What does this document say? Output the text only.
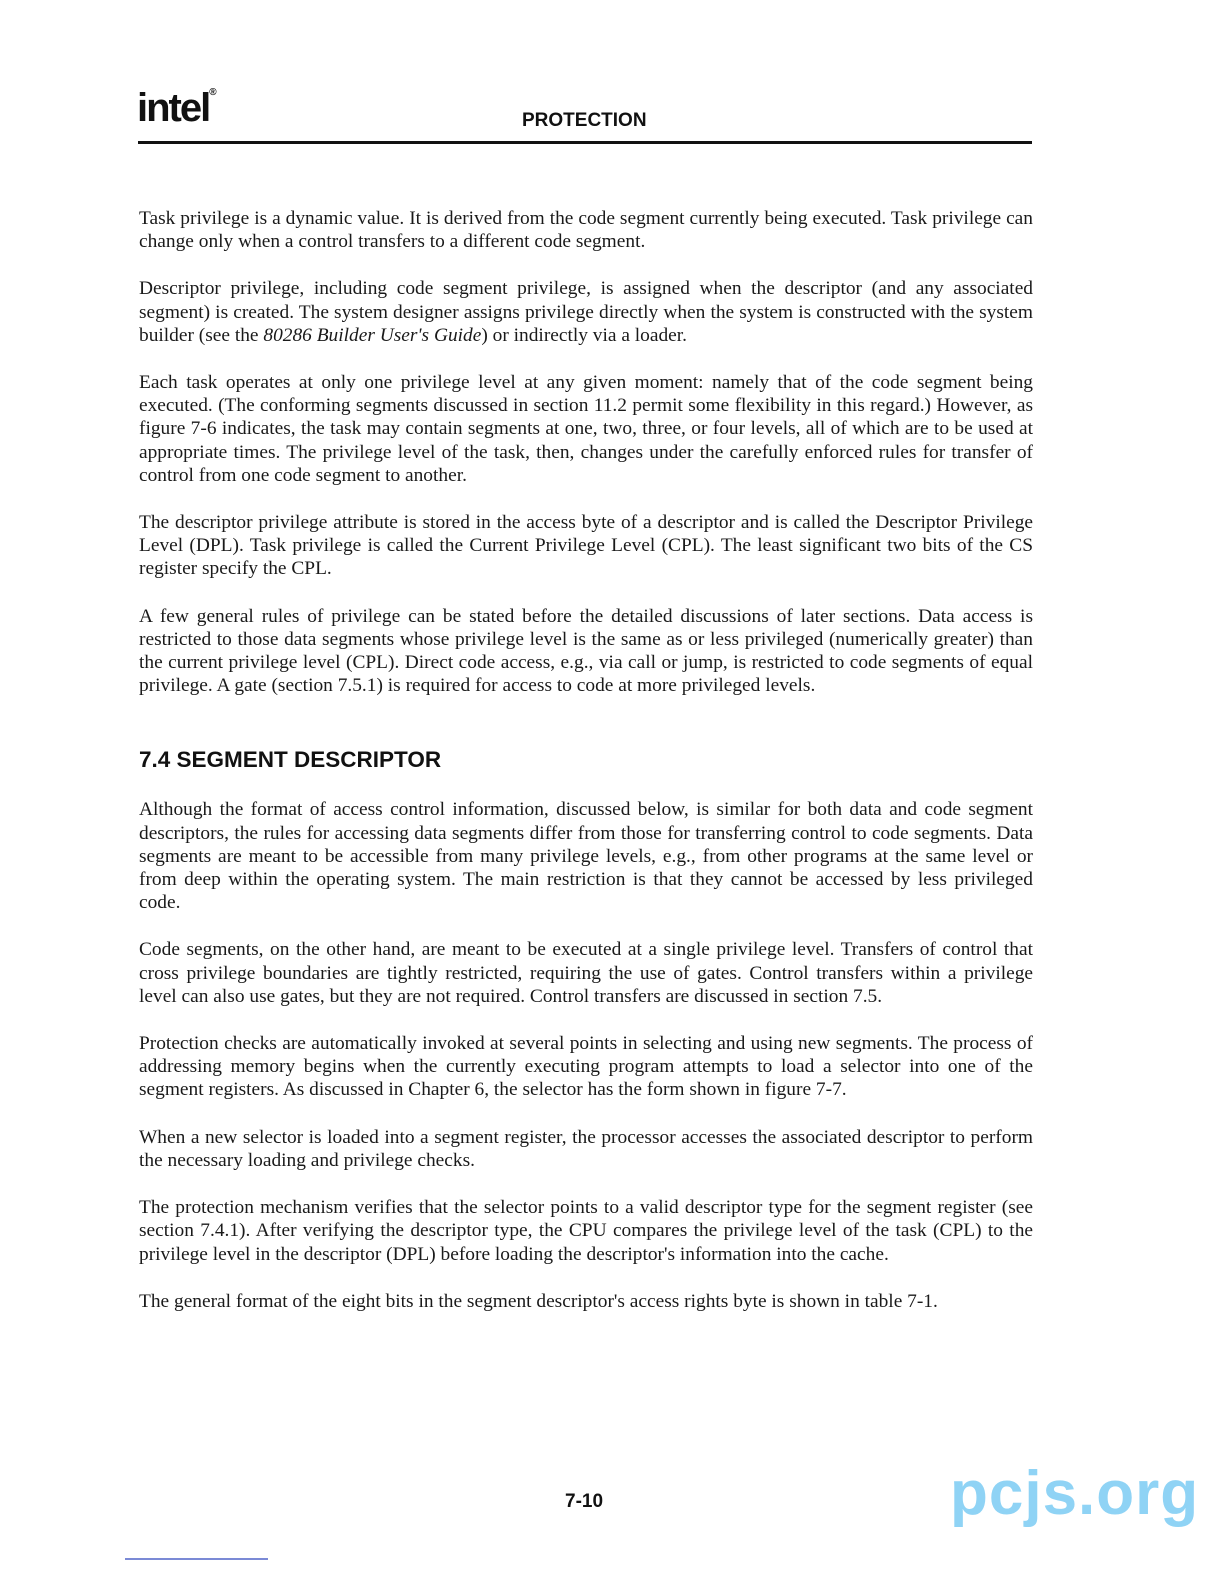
intel®
PROTECTION

Task privilege is a dynamic value. It is derived from the code segment currently being executed. Task privilege can change only when a control transfers to a different code segment.

Descriptor privilege, including code segment privilege, is assigned when the descriptor (and any associated segment) is created. The system designer assigns privilege directly when the system is constructed with the system builder (see the 80286 Builder User's Guide) or indirectly via a loader.

Each task operates at only one privilege level at any given moment: namely that of the code segment being executed. (The conforming segments discussed in section 11.2 permit some flexibility in this regard.) However, as figure 7-6 indicates, the task may contain segments at one, two, three, or four levels, all of which are to be used at appropriate times. The privilege level of the task, then, changes under the carefully enforced rules for transfer of control from one code segment to another.

The descriptor privilege attribute is stored in the access byte of a descriptor and is called the Descriptor Privilege Level (DPL). Task privilege is called the Current Privilege Level (CPL). The least significant two bits of the CS register specify the CPL.

A few general rules of privilege can be stated before the detailed discussions of later sections. Data access is restricted to those data segments whose privilege level is the same as or less privileged (numerically greater) than the current privilege level (CPL). Direct code access, e.g., via call or jump, is restricted to code segments of equal privilege. A gate (section 7.5.1) is required for access to code at more privileged levels.

7.4 SEGMENT DESCRIPTOR

Although the format of access control information, discussed below, is similar for both data and code segment descriptors, the rules for accessing data segments differ from those for transferring control to code segments. Data segments are meant to be accessible from many privilege levels, e.g., from other programs at the same level or from deep within the operating system. The main restriction is that they cannot be accessed by less privileged code.

Code segments, on the other hand, are meant to be executed at a single privilege level. Transfers of control that cross privilege boundaries are tightly restricted, requiring the use of gates. Control transfers within a privilege level can also use gates, but they are not required. Control transfers are discussed in section 7.5.

Protection checks are automatically invoked at several points in selecting and using new segments. The process of addressing memory begins when the currently executing program attempts to load a selector into one of the segment registers. As discussed in Chapter 6, the selector has the form shown in figure 7-7.

When a new selector is loaded into a segment register, the processor accesses the associated descriptor to perform the necessary loading and privilege checks.

The protection mechanism verifies that the selector points to a valid descriptor type for the segment register (see section 7.4.1). After verifying the descriptor type, the CPU compares the privilege level of the task (CPL) to the privilege level in the descriptor (DPL) before loading the descriptor's information into the cache.

The general format of the eight bits in the segment descriptor's access rights byte is shown in table 7-1.

7-10	pcjs.org
